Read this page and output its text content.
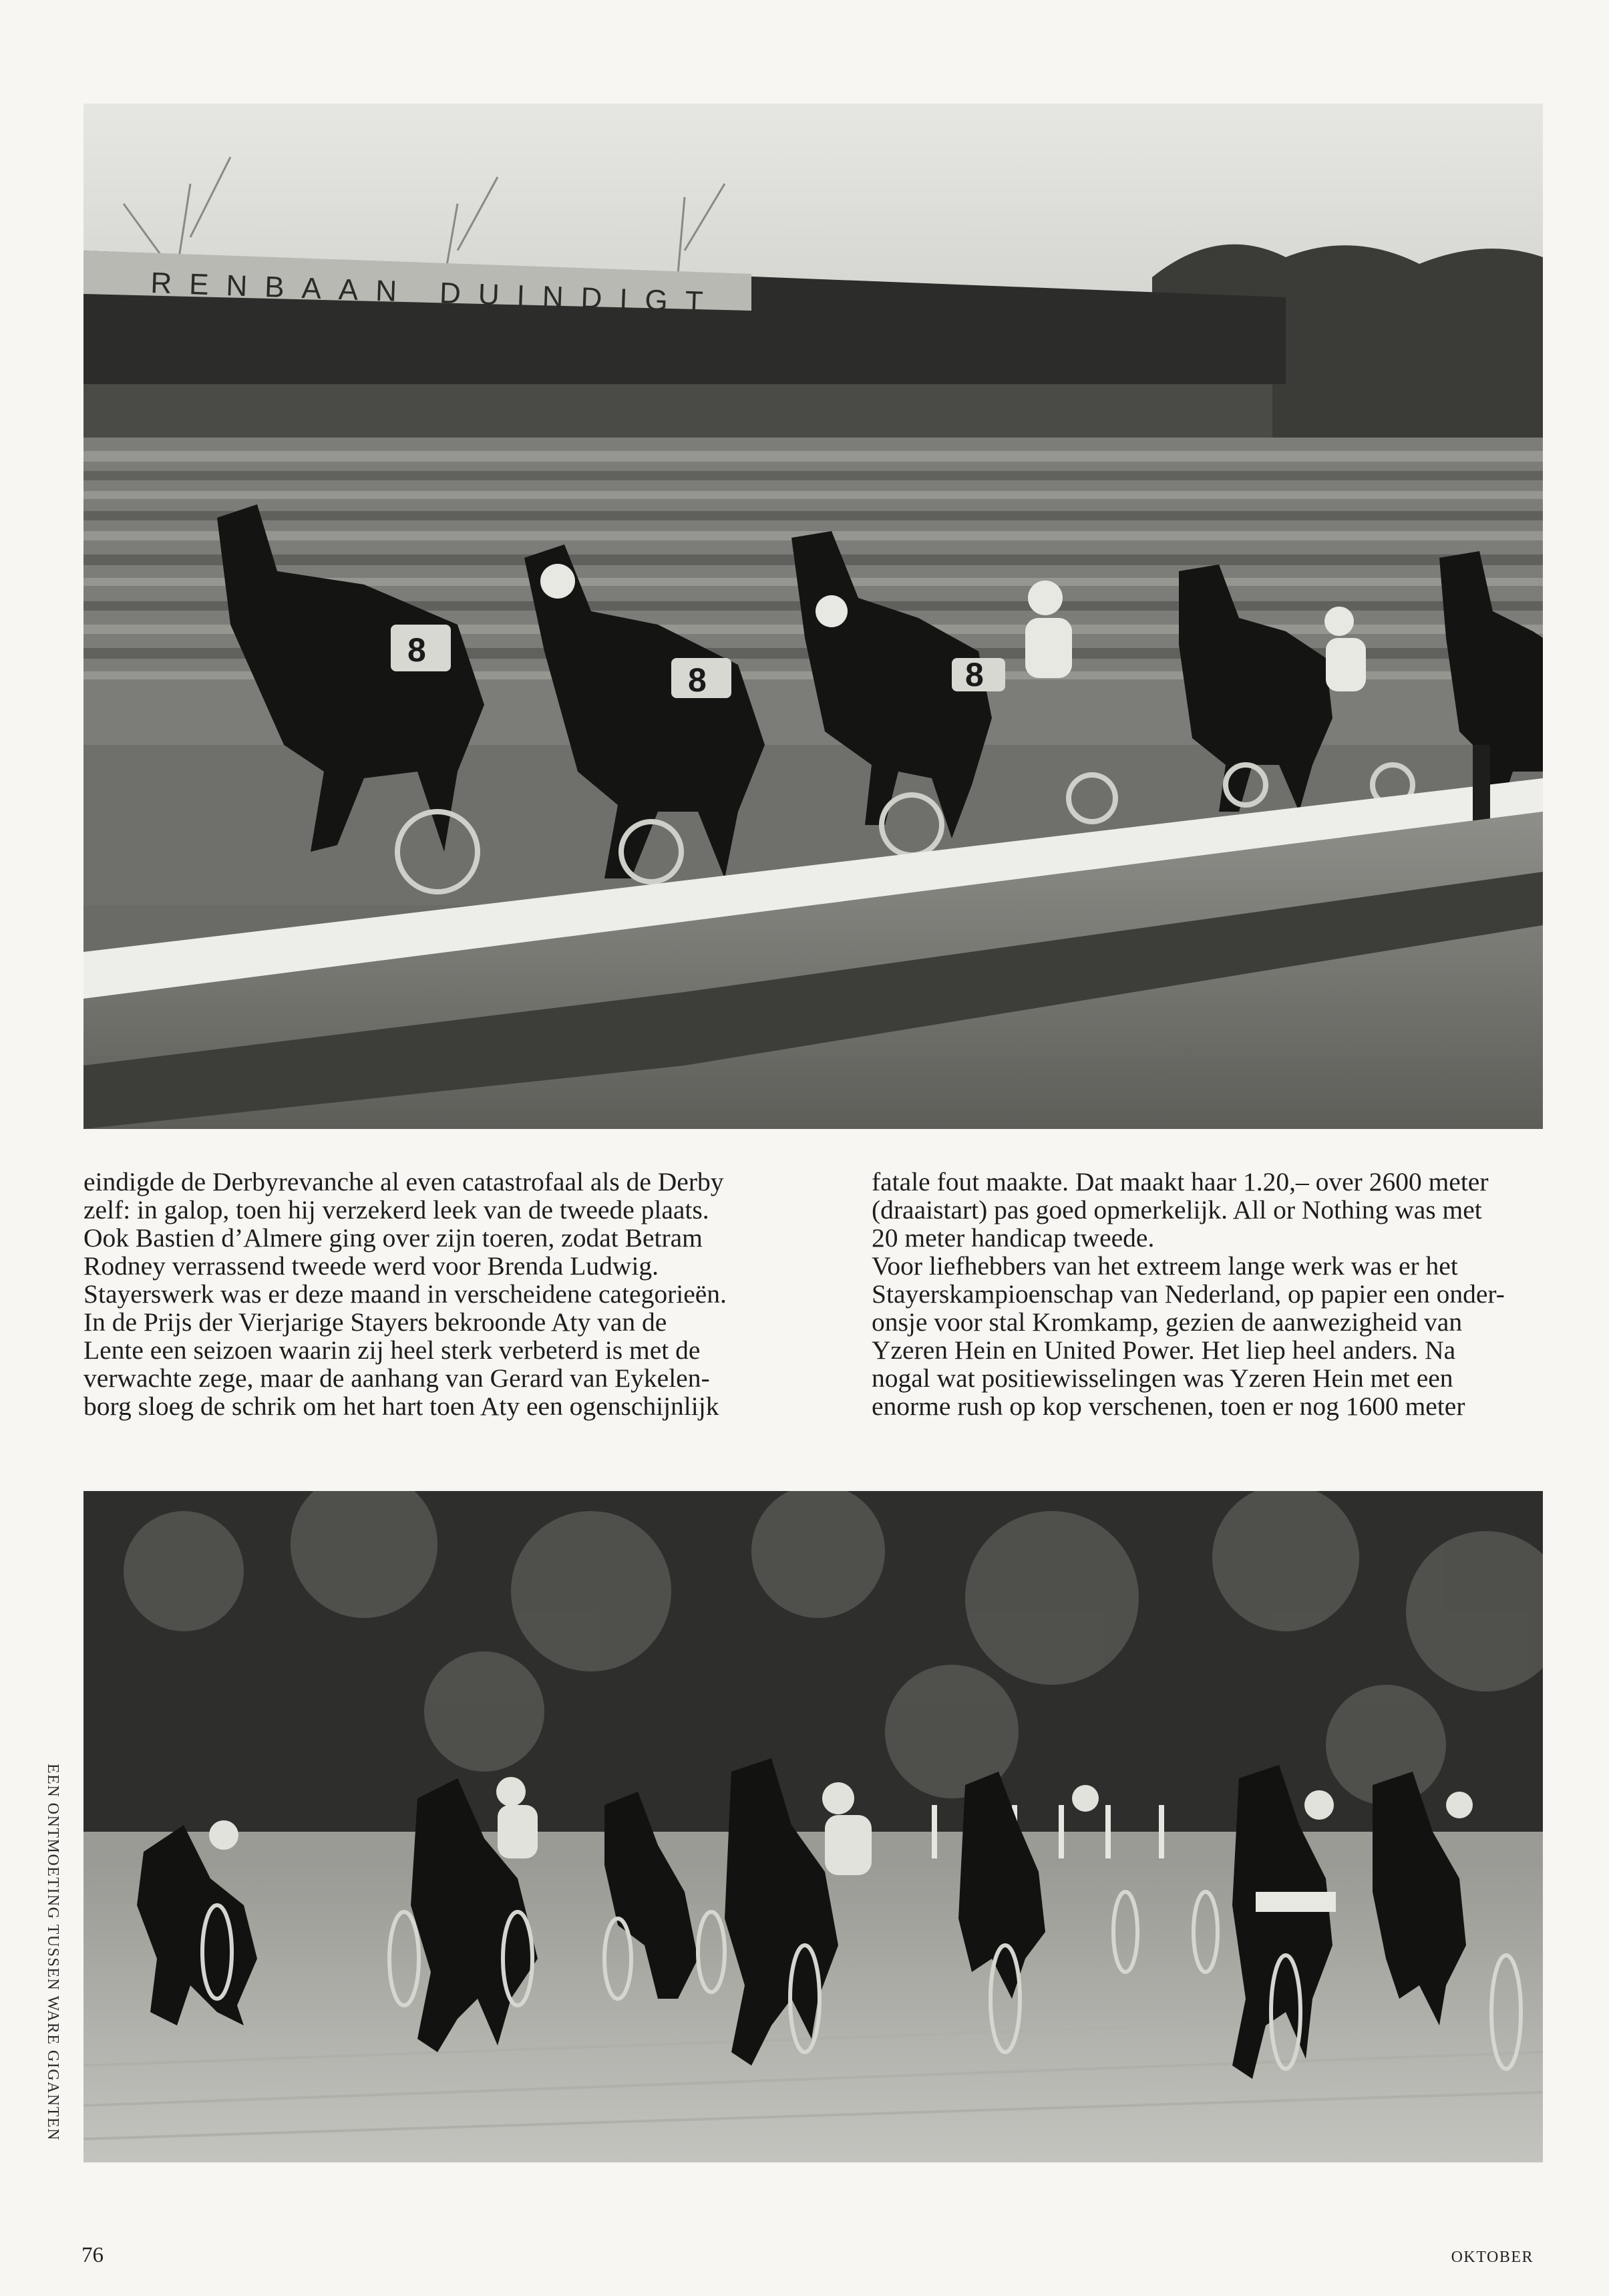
RENBAAN DUINDIGT
8
8	8

eindigde de Derbyrevanche al even catastrofaal als de Derby

zelf: in galop, toen hij verzekerd leek van de tweede plaats.

Ook Bastien d’Almere ging over zijn toeren, zodat Betram

Rodney verrassend tweede werd voor Brenda Ludwig.

Stayerswerk was er deze maand in verscheidene categorieën.

In de Prijs der Vierjarige Stayers bekroonde Aty van de

Lente een seizoen waarin zij heel sterk verbeterd is met de

verwachte zege, maar de aanhang van Gerard van Eykelen-

borg sloeg de schrik om het hart toen Aty een ogenschijnlijk

fatale fout maakte. Dat maakt haar 1.20,– over 2600 meter

(draaistart) pas goed opmerkelijk. All or Nothing was met

20 meter handicap tweede.

Voor liefhebbers van het extreem lange werk was er het

Stayerskampioenschap van Nederland, op papier een onder-

onsje voor stal Kromkamp, gezien de aanwezigheid van

Yzeren Hein en United Power. Het liep heel anders. Na

nogal wat positiewisselingen was Yzeren Hein met een

enorme rush op kop verschenen, toen er nog 1600 meter

EEN ONTMOETING TUSSEN WARE GIGANTEN
76	OKTOBER
